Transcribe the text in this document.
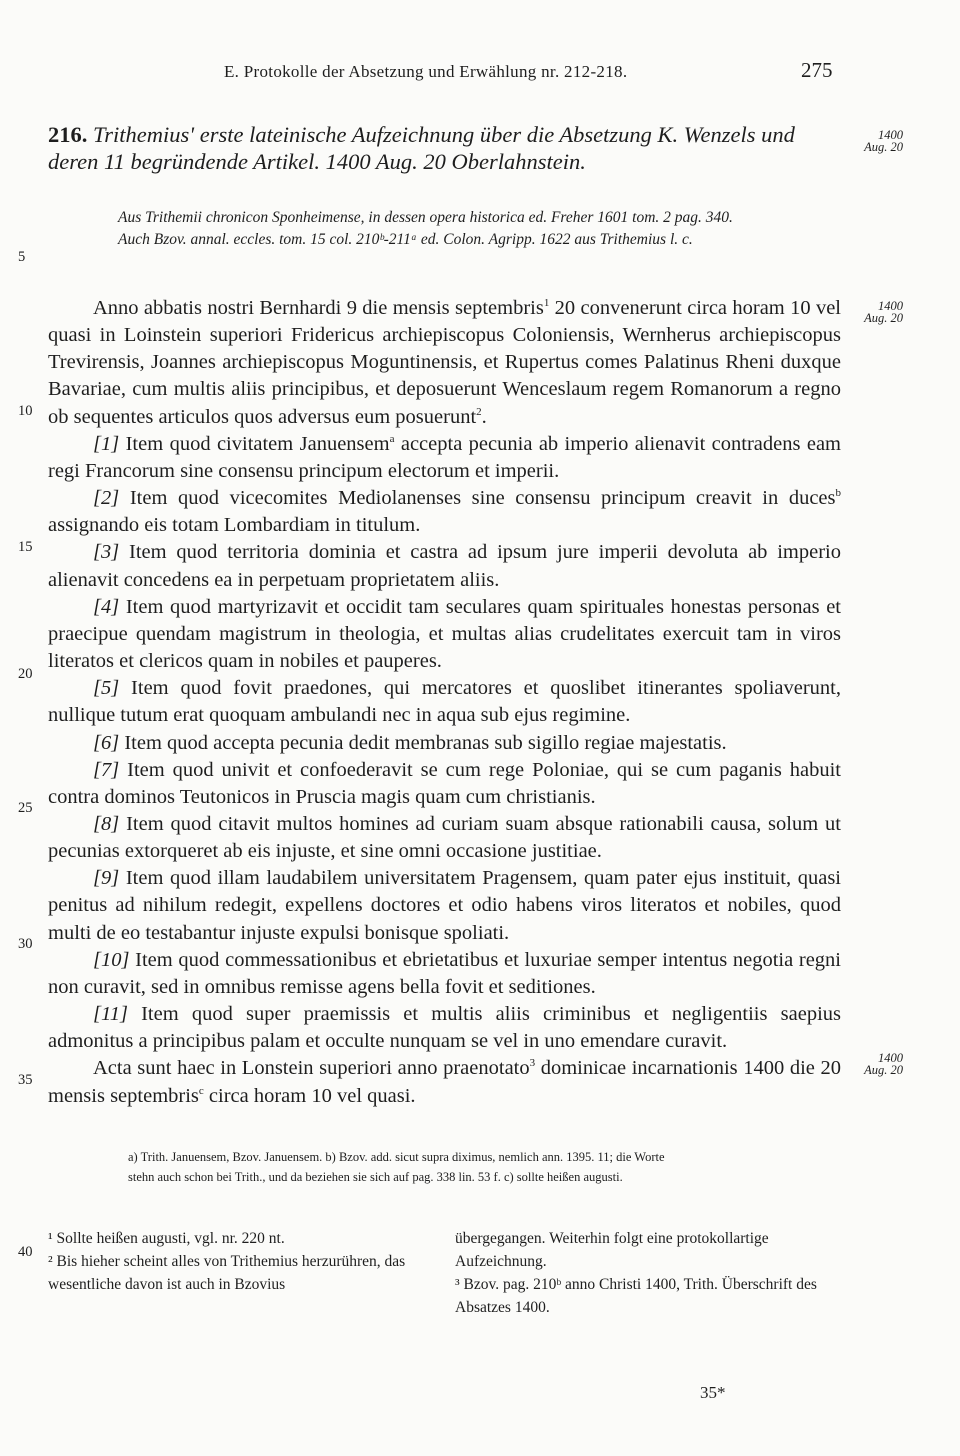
E. Protokolle der Absetzung und Erwählung nr. 212-218.	275
216. Trithemius' erste lateinische Aufzeichnung über die Absetzung K. Wenzels und deren 11 begründende Artikel. 1400 Aug. 20 Oberlahnstein.
1400
Aug. 20
Aus Trithemii chronicon Sponheimense, in dessen opera historica ed. Freher 1601 tom. 2 pag. 340.
Auch Bzov. annal. eccles. tom. 15 col. 210ᵇ-211ᵃ ed. Colon. Agripp. 1622 aus Trithemius l. c.
5
10
15
20
25
30
35
40
1400
Aug. 20
1400
Aug. 20

Anno abbatis nostri Bernhardi 9 die mensis septembris$^1$ 20 convenerunt circa horam 10 vel quasi in Loinstein superiori Fridericus archiepiscopus Coloniensis, Wernherus archiepiscopus Trevirensis, Joannes archiepiscopus Moguntinensis, et Rupertus comes Palatinus Rheni duxque Bavariae, cum multis aliis principibus, et deposuerunt Wenceslaum regem Romanorum a regno ob sequentes articulos quos adversus eum posuerunt$^2$.

[1] Item quod civitatem Januensem$^a$ accepta pecunia ab imperio alienavit contradens eam regi Francorum sine consensu principum electorum et imperii.

[2] Item quod vicecomites Mediolanenses sine consensu principum creavit in duces$^b$ assignando eis totam Lombardiam in titulum.

[3] Item quod territoria dominia et castra ad ipsum jure imperii devoluta ab imperio alienavit concedens ea in perpetuam proprietatem aliis.

[4] Item quod martyrizavit et occidit tam seculares quam spirituales honestas personas et praecipue quendam magistrum in theologia, et multas alias crudelitates exercuit tam in viros literatos et clericos quam in nobiles et pauperes.

[5] Item quod fovit praedones, qui mercatores et quoslibet itinerantes spoliaverunt, nullique tutum erat quoquam ambulandi nec in aqua sub ejus regimine.

[6] Item quod accepta pecunia dedit membranas sub sigillo regiae majestatis.

[7] Item quod univit et confoederavit se cum rege Poloniae, qui se cum paganis habuit contra dominos Teutonicos in Pruscia magis quam cum christianis.

[8] Item quod citavit multos homines ad curiam suam absque rationabili causa, solum ut pecunias extorqueret ab eis injuste, et sine omni occasione justitiae.

[9] Item quod illam laudabilem universitatem Pragensem, quam pater ejus instituit, quasi penitus ad nihilum redegit, expellens doctores et odio habens viros literatos et nobiles, quod multi de eo testabantur injuste expulsi bonisque spoliati.

[10] Item quod commessationibus et ebrietatibus et luxuriae semper intentus negotia regni non curavit, sed in omnibus remisse agens bella fovit et seditiones.

[11] Item quod super praemissis et multis aliis criminibus et negligentiis saepius admonitus a principibus palam et occulte nunquam se vel in uno emendare curavit.

Acta sunt haec in Lonstein superiori anno praenotato$^3$ dominicae incarnationis 1400 die 20 mensis septembris$^c$ circa horam 10 vel quasi.

a) Trith. Januensem, Bzov. Januensem. b) Bzov. add. sicut supra diximus, nemlich ann. 1395. 11; die Worte
stehn auch schon bei Trith., und da beziehen sie sich auf pag. 338 lin. 53 f. c) sollte heißen augusti.
¹ Sollte heißen augusti, vgl. nr. 220 nt.
² Bis hieher scheint alles von Trithemius herzurühren, das wesentliche davon ist auch in Bzovius
übergegangen. Weiterhin folgt eine protokollartige Aufzeichnung.
³ Bzov. pag. 210ᵇ anno Christi 1400, Trith. Überschrift des Absatzes 1400.
35*
